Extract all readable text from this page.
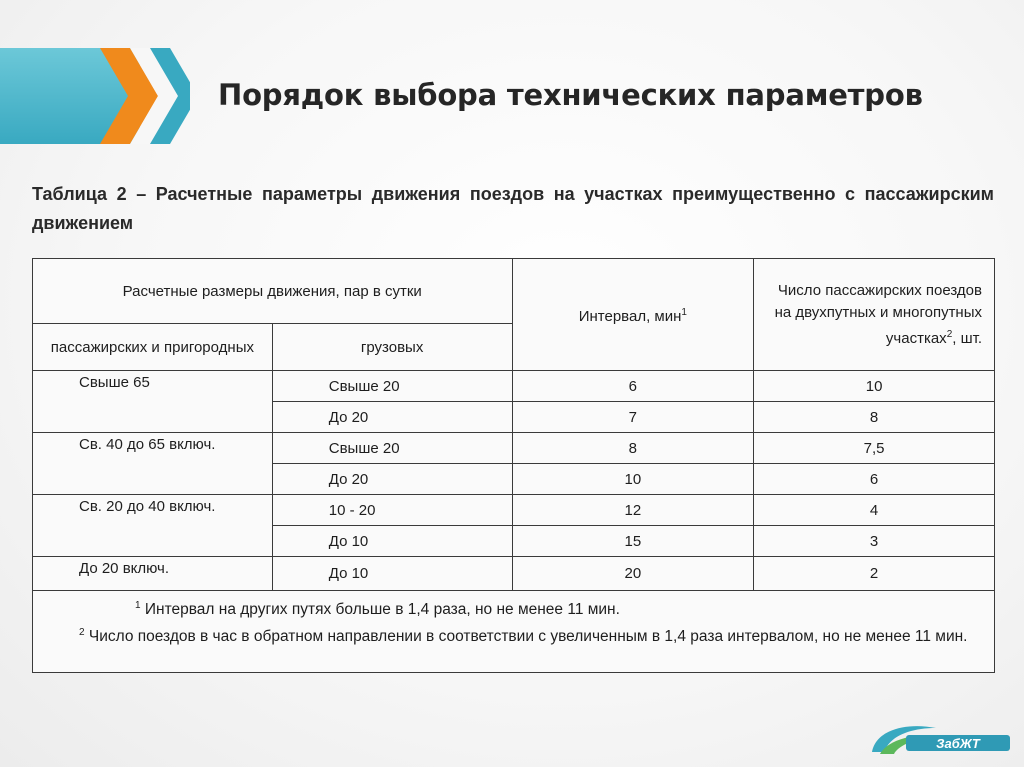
Порядок выбора технических параметров
Таблица 2 – Расчетные параметры движения поездов на участках преимущественно с пассажирским движением
Расчетные размеры движения, пар в сутки		Интервал, мин$^1$	Число пассажирских поездов на двухпутных и многопутных участках$^2$, шт.
пассажирских и пригородных	грузовых		
Свыше 65	Свыше 20	6	10
	До 20	7	8
Св. 40 до 65 включ.	Свыше 20	8	7,5
	До 20	10	6
Св. 20 до 40 включ.	10 - 20	12	4
	До 10	15	3
До 20 включ.	До 10	20	2

$^1$ Интервал на других путях больше в 1,4 раза, но не менее 11 мин.
$^2$ Число поездов в час в обратном направлении в соответствии с увеличенным в 1,4 раза интервалом, но не менее 11 мин.			
ЗабЖТ
